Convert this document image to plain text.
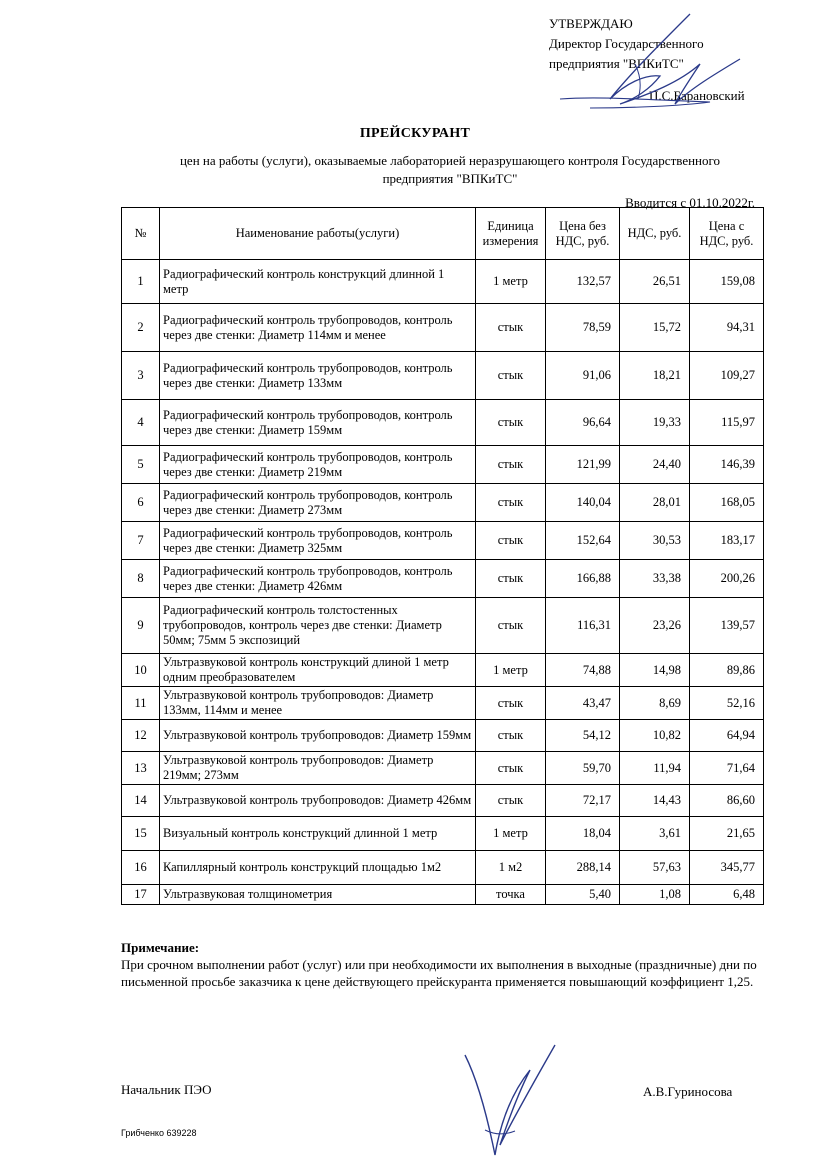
УТВЕРЖДАЮ
Директор Государственного
предприятия "ВПКиТС"
П.С.Барановский
ПРЕЙСКУРАНТ
цен на работы (услуги), оказываемые лабораторией неразрушающего контроля Государственного
предприятия "ВПКиТС"
Вводится с 01.10.2022г.
№	Наименование работы(услуги)	Единица измерения	Цена без НДС, руб.	НДС, руб.	Цена с НДС, руб.
1	Радиографический контроль конструкций длинной 1 метр	1 метр	132,57	26,51	159,08
2	Радиографический контроль трубопроводов, контроль через две стенки: Диаметр 114мм и менее	стык	78,59	15,72	94,31
3	Радиографический контроль трубопроводов, контроль через две стенки: Диаметр 133мм	стык	91,06	18,21	109,27
4	Радиографический контроль трубопроводов, контроль через две стенки: Диаметр 159мм	стык	96,64	19,33	115,97
5	Радиографический контроль трубопроводов, контроль через две стенки: Диаметр 219мм	стык	121,99	24,40	146,39
6	Радиографический контроль трубопроводов, контроль через две стенки: Диаметр 273мм	стык	140,04	28,01	168,05
7	Радиографический контроль трубопроводов, контроль через две стенки: Диаметр 325мм	стык	152,64	30,53	183,17
8	Радиографический контроль трубопроводов, контроль через две стенки: Диаметр 426мм	стык	166,88	33,38	200,26
9	Радиографический контроль толстостенных трубопроводов, контроль через две стенки: Диаметр 50мм; 75мм 5 экспозиций	стык	116,31	23,26	139,57
10	Ультразвуковой контроль конструкций длиной 1 метр одним преобразователем	1 метр	74,88	14,98	89,86
11	Ультразвуковой контроль трубопроводов: Диаметр 133мм, 114мм и менее	стык	43,47	8,69	52,16
12	Ультразвуковой контроль трубопроводов: Диаметр 159мм	стык	54,12	10,82	64,94
13	Ультразвуковой контроль трубопроводов: Диаметр 219мм; 273мм	стык	59,70	11,94	71,64
14	Ультразвуковой контроль трубопроводов: Диаметр 426мм	стык	72,17	14,43	86,60
15	Визуальный контроль конструкций длинной 1 метр	1 метр	18,04	3,61	21,65
16	Капиллярный контроль конструкций площадью 1м2	1 м2	288,14	57,63	345,77
17	Ультразвуковая толщинометрия	точка	5,40	1,08	6,48
Примечание:
При срочном выполнении работ (услуг) или при необходимости их выполнения в выходные (праздничные) дни по письменной просьбе заказчика к цене действующего прейскуранта применяется повышающий коэффициент 1,25.
Начальник ПЭО	А.В.Гуриносова
Грибченко 639228
